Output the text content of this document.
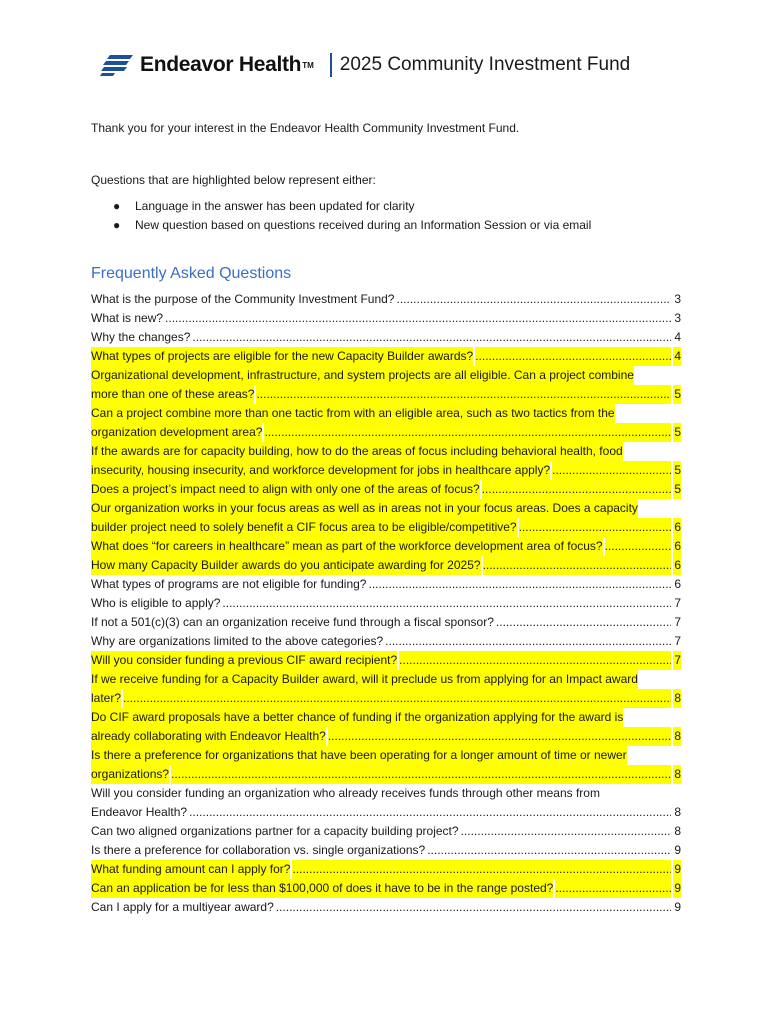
Endeavor Health TM 2025 Community Investment Fund
Thank you for your interest in the Endeavor Health Community Investment Fund.
Questions that are highlighted below represent either:
● Language in the answer has been updated for clarity
● New question based on questions received during an Information Session or via email
Frequently Asked Questions
What is the purpose of the Community Investment Fund? .....	3
What is new? .....	3
Why the changes? .....	4
What types of projects are eligible for the new Capacity Builder awards? .....	4
Organizational development, infrastructure, and system projects are all eligible. Can a project combine
more than one of these areas? .....	5
Can a project combine more than one tactic from with an eligible area, such as two tactics from the
organization development area? .....	5
If the awards are for capacity building, how to do the areas of focus including behavioral health, food
insecurity, housing insecurity, and workforce development for jobs in healthcare apply? .....	5
Does a project’s impact need to align with only one of the areas of focus? .....	5
Our organization works in your focus areas as well as in areas not in your focus areas. Does a capacity
builder project need to solely benefit a CIF focus area to be eligible/competitive? .....	6
What does “for careers in healthcare” mean as part of the workforce development area of focus? .....	6
How many Capacity Builder awards do you anticipate awarding for 2025? .....	6
What types of programs are not eligible for funding? .....	6
Who is eligible to apply? .....	7
If not a 501(c)(3) can an organization receive fund through a fiscal sponsor? .....	7
Why are organizations limited to the above categories? .....	7
Will you consider funding a previous CIF award recipient? .....	7
If we receive funding for a Capacity Builder award, will it preclude us from applying for an Impact award
later? .....	8
Do CIF award proposals have a better chance of funding if the organization applying for the award is
already collaborating with Endeavor Health? .....	8
Is there a preference for organizations that have been operating for a longer amount of time or newer
organizations? .....	8
Will you consider funding an organization who already receives funds through other means from
Endeavor Health? .....	8
Can two aligned organizations partner for a capacity building project? .....	8
Is there a preference for collaboration vs. single organizations? .....	9
What funding amount can I apply for? .....	9
Can an application be for less than $100,000 of does it have to be in the range posted? .....	9
Can I apply for a multiyear award? .....	9
